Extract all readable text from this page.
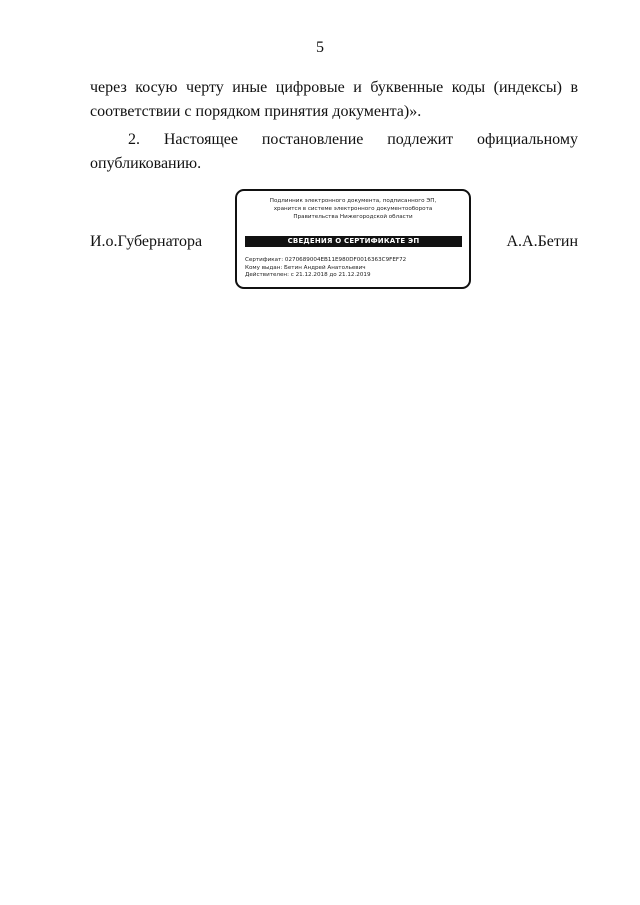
5
через косую черту иные цифровые и буквенные коды (индексы) в
соответствии с порядком принятия документа)».
2. Настоящее постановление подлежит официальному
опубликованию.
И.о.Губернатора	А.А.Бетин
Подлинник электронного документа, подписанного ЭП,
хранится в системе электронного документооборота
Правительства Нижегородской области
СВЕДЕНИЯ О СЕРТИФИКАТЕ ЭП
Сертификат: 0270689004EB11E980DF0016363C9FEF72
Кому выдан: Бетин Андрей Анатольевич
Действителен: с 21.12.2018 до 21.12.2019
